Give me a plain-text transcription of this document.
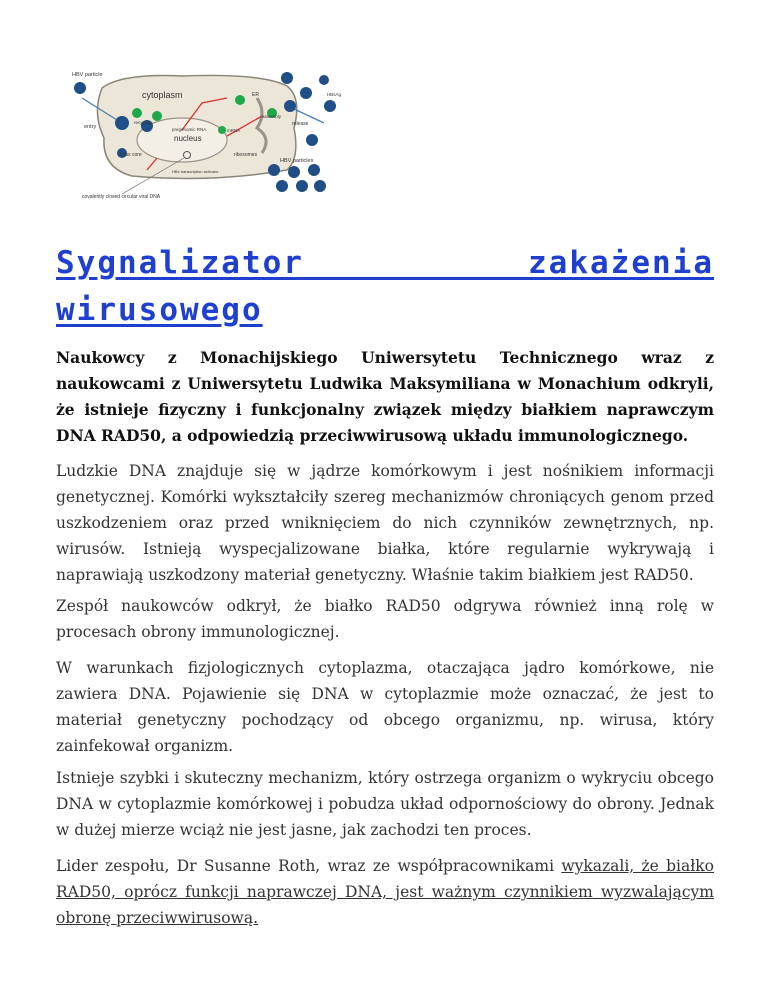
HBV particle
cytoplasm
entry
recycling
pregenomic RNA
nucleus
mRNA
assembly
release
ER	HBsAg
virus core	ribosomes
HBV particles
HBx transcription activator
covalently closed circular viral DNA
Sygnalizator zakażenia wirusowego

Naukowcy z Monachijskiego Uniwersytetu Technicznego wraz z naukowcami z Uniwersytetu Ludwika Maksymiliana w Monachium odkryli, że istnieje fizyczny i funkcjonalny związek między białkiem naprawczym DNA RAD50, a odpowiedzią przeciwwirusową układu immunologicznego.

Ludzkie DNA znajduje się w jądrze komórkowym i jest nośnikiem informacji genetycznej. Komórki wykształciły szereg mechanizmów chroniących genom przed uszkodzeniem oraz przed wniknięciem do nich czynników zewnętrznych, np. wirusów. Istnieją wyspecjalizowane białka, które regularnie wykrywają i naprawiają uszkodzony materiał genetyczny. Właśnie takim białkiem jest RAD50.

Zespół naukowców odkrył, że białko RAD50 odgrywa również inną rolę w procesach obrony immunologicznej.

W warunkach fizjologicznych cytoplazma, otaczająca jądro komórkowe, nie zawiera DNA. Pojawienie się DNA w cytoplazmie może oznaczać, że jest to materiał genetyczny pochodzący od obcego organizmu, np. wirusa, który zainfekował organizm.

Istnieje szybki i skuteczny mechanizm, który ostrzega organizm o wykryciu obcego DNA w cytoplazmie komórkowej i pobudza układ odpornościowy do obrony. Jednak w dużej mierze wciąż nie jest jasne, jak zachodzi ten proces.

Lider zespołu, Dr Susanne Roth, wraz ze współpracownikami wykazali, że białko RAD50, oprócz funkcji naprawczej DNA, jest ważnym czynnikiem wyzwalającym obronę przeciwwirusową.
